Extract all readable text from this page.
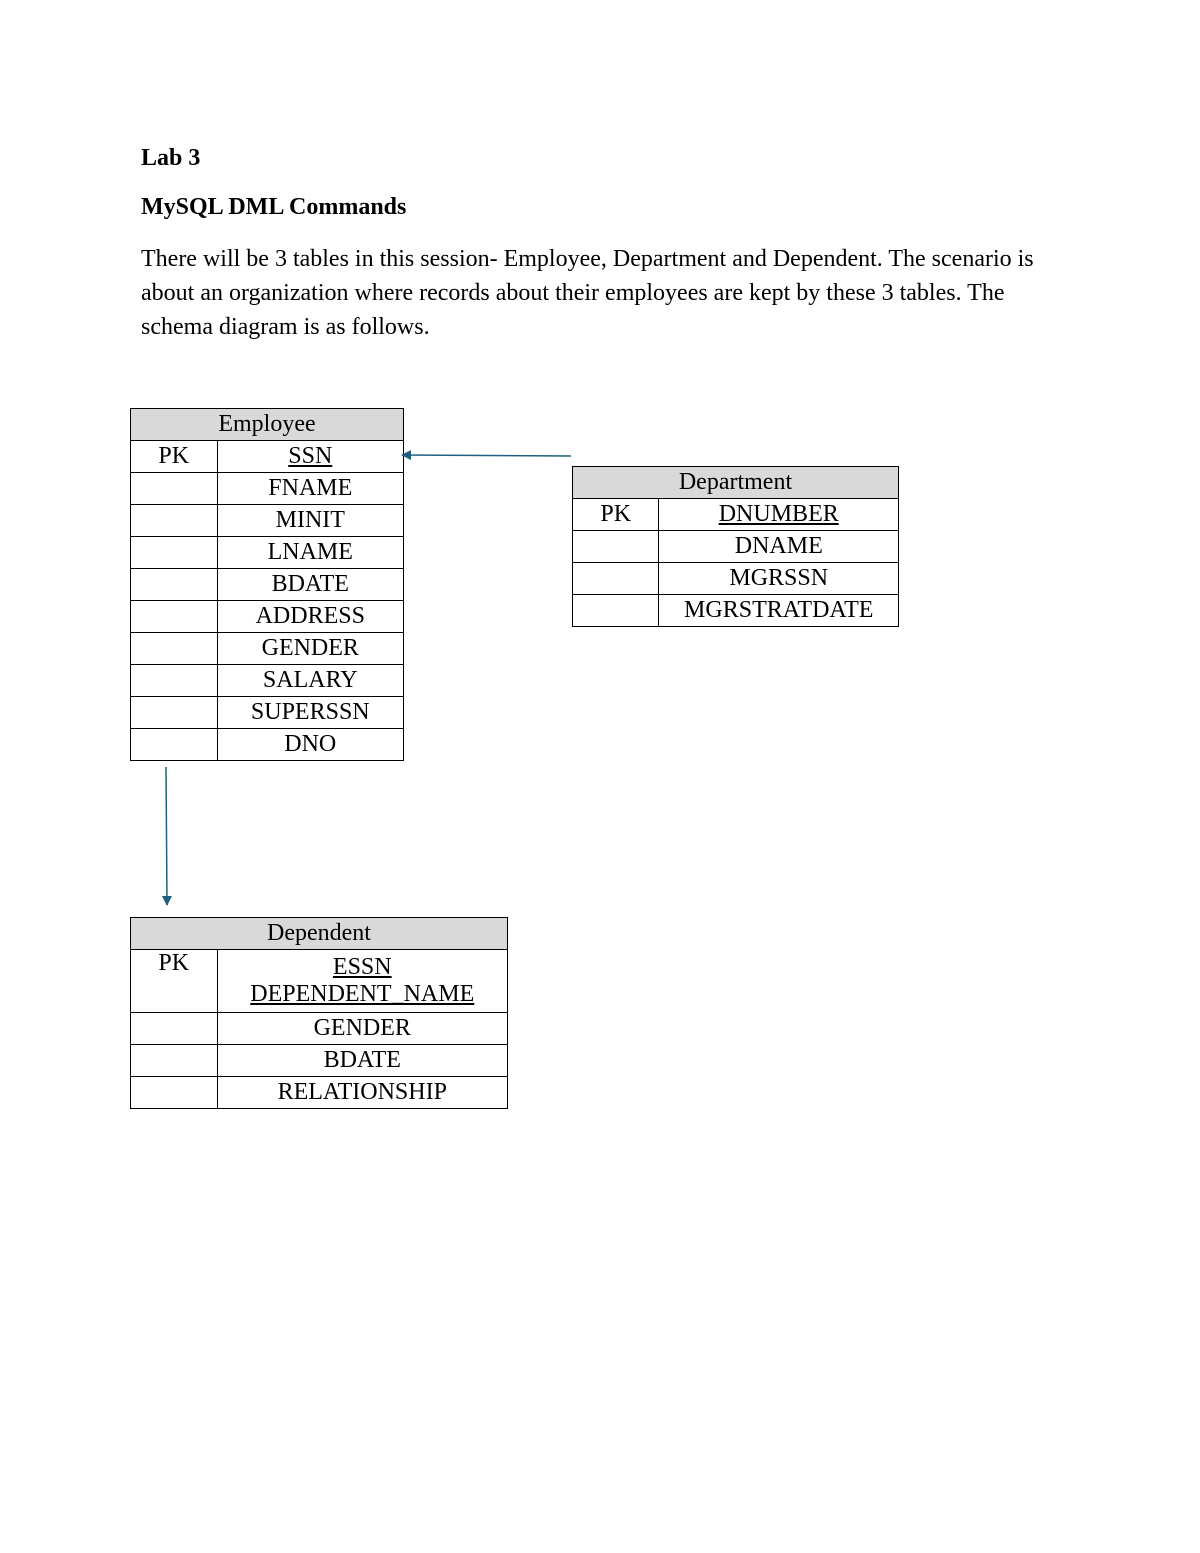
Lab 3

MySQL DML Commands

There will be 3 tables in this session- Employee, Department and Dependent. The scenario is about an organization where records about their employees are kept by these 3 tables. The schema diagram is as follows.

Employee	
PK	SSN
	FNAME
	MINIT
	LNAME
	BDATE
	ADDRESS
	GENDER
	SALARY
	SUPERSSN
	DNO
Department	
PK	DNUMBER
	DNAME
	MGRSSN
	MGRSTRATDATE
Dependent	
PK	ESSN
DEPENDENT_NAME

	GENDER
	BDATE
	RELATIONSHIP
